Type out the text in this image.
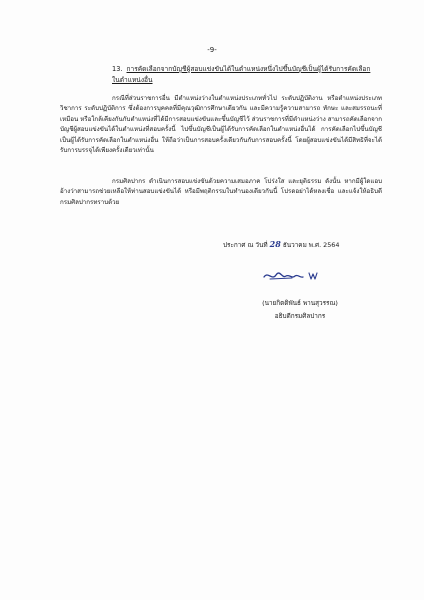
-9-
13. การคัดเลือกจากบัญชีผู้สอบแข่งขันได้ในตำแหน่งหนึ่งไปขึ้นบัญชีเป็นผู้ได้รับการคัดเลือก
ในตำแหน่งอื่น
กรณีที่ส่วนราชการอื่น มีตำแหน่งว่างในตำแหน่งประเภททั่วไป ระดับปฏิบัติงาน หรือตำแหน่งประเภทวิชาการ ระดับปฏิบัติการ ซึ่งต้องการบุคคลที่มีคุณวุฒิการศึกษาเดียวกัน และมีความรู้ความสามารถ ทักษะ และสมรรถนะที่เหมือน หรือใกล้เคียงกันกับตำแหน่งที่ได้มีการสอบแข่งขันและขึ้นบัญชีไว้ ส่วนราชการที่มีตำแหน่งว่าง สามารถคัดเลือกจากบัญชีผู้สอบแข่งขันได้ในตำแหน่งที่สอบครั้งนี้ ไปขึ้นบัญชีเป็นผู้ได้รับการคัดเลือกในตำแหน่งอื่นได้ การคัดเลือกไปขึ้นบัญชีเป็นผู้ได้รับการคัดเลือกในตำแหน่งอื่น ให้ถือว่าเป็นการสอบครั้งเดียวกันกับการสอบครั้งนี้ โดยผู้สอบแข่งขันได้มีสิทธิที่จะได้รับการบรรจุได้เพียงครั้งเดียวเท่านั้น
กรมศิลปากร ดำเนินการสอบแข่งขันด้วยความเสมอภาค โปร่งใส และยุติธรรม ดังนั้น หากมีผู้ใดแอบอ้างว่าสามารถช่วยเหลือให้ท่านสอบแข่งขันได้ หรือมีพฤติกรรมในทำนองเดียวกันนี้ โปรดอย่าได้หลงเชื่อ และแจ้งให้อธิบดีกรมศิลปากรทราบด้วย
ประกาศ ณ วันที่ 28 ธันวาคม พ.ศ. 2564
(นายกิตติพันธ์ พานสุวรรณ)
อธิบดีกรมศิลปากร
